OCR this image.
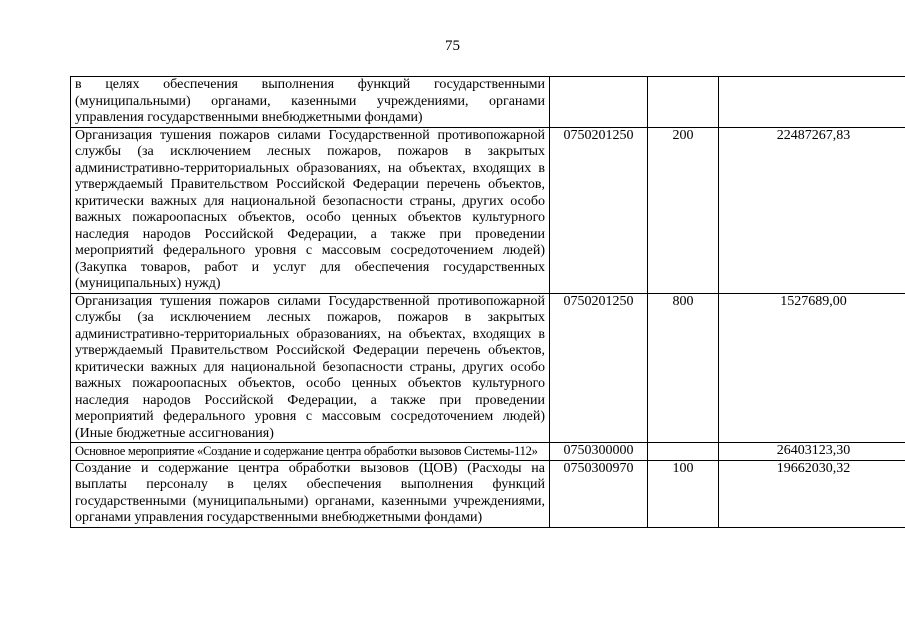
75
в целях обеспечения выполнения функций государственными (муниципальными) органами, казенными учреждениями, органами управления государственными внебюджетными фондами)			
Организация тушения пожаров силами Государственной противопожарной службы (за исключением лесных пожаров, пожаров в закрытых административно-территориальных образованиях, на объектах, входящих в утверждаемый Правительством Российской Федерации перечень объектов, критически важных для национальной безопасности страны, других особо важных пожароопасных объектов, особо ценных объектов культурного наследия народов Российской Федерации, а также при проведении мероприятий федерального уровня с массовым сосредоточением людей) (Закупка товаров, работ и услуг для обеспечения государственных (муниципальных) нужд)	0750201250	200	22487267,83
Организация тушения пожаров силами Государственной противопожарной службы (за исключением лесных пожаров, пожаров в закрытых административно-территориальных образованиях, на объектах, входящих в утверждаемый Правительством Российской Федерации перечень объектов, критически важных для национальной безопасности страны, других особо важных пожароопасных объектов, особо ценных объектов культурного наследия народов Российской Федерации, а также при проведении мероприятий федерального уровня с массовым сосредоточением людей) (Иные бюджетные ассигнования)	0750201250	800	1527689,00
Основное мероприятие «Создание и содержание центра обработки вызовов Системы-112»	0750300000		26403123,30
Создание и содержание центра обработки вызовов (ЦОВ) (Расходы на выплаты персоналу в целях обеспечения выполнения функций государственными (муниципальными) органами, казенными учреждениями, органами управления государственными внебюджетными фондами)	0750300970	100	19662030,32
